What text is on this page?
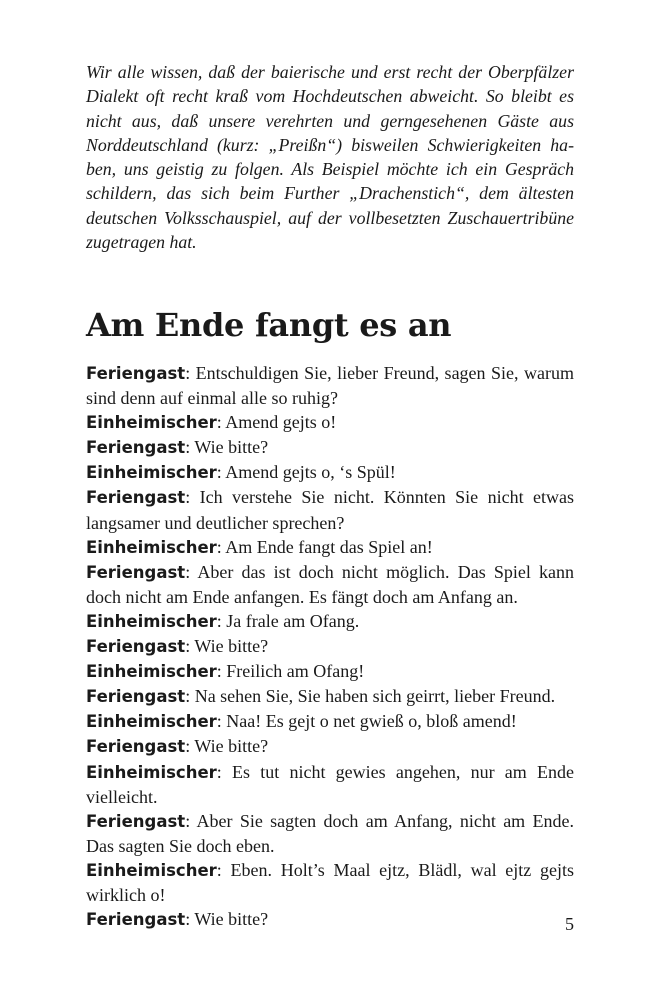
Wir alle wissen, daß der baierische und erst recht der Oberpfälzer Dialekt oft recht kraß vom Hochdeutschen abweicht. So bleibt es nicht aus, daß unsere verehrten und gerngesehenen Gäste aus Norddeutschland (kurz: „Preißn“) bisweilen Schwierigkeiten haben, uns geistig zu folgen. Als Beispiel möchte ich ein Gespräch schildern, das sich beim Further „Drachenstich“, dem ältesten deutschen Volksschauspiel, auf der vollbesetzten Zuschauertribüne zugetragen hat.

Am Ende fangt es an
Feriengast: Entschuldigen Sie, lieber Freund, sagen Sie, warum sind denn auf einmal alle so ruhig?
Einheimischer: Amend gejts o!
Feriengast: Wie bitte?
Einheimischer: Amend gejts o, ‘s Spül!
Feriengast: Ich verstehe Sie nicht. Könnten Sie nicht etwas langsamer und deutlicher sprechen?
Einheimischer: Am Ende fangt das Spiel an!
Feriengast: Aber das ist doch nicht möglich. Das Spiel kann doch nicht am Ende anfangen. Es fängt doch am Anfang an.
Einheimischer: Ja frale am Ofang.
Feriengast: Wie bitte?
Einheimischer: Freilich am Ofang!
Feriengast: Na sehen Sie, Sie haben sich geirrt, lieber Freund.
Einheimischer: Naa! Es gejt o net gwieß o, bloß amend!
Feriengast: Wie bitte?
Einheimischer: Es tut nicht gewies angehen, nur am Ende vielleicht.
Feriengast: Aber Sie sagten doch am Anfang, nicht am Ende. Das sagten Sie doch eben.
Einheimischer: Eben. Holt’s Maal ejtz, Blädl, wal ejtz gejts wirklich o!
Feriengast: Wie bitte?	5
